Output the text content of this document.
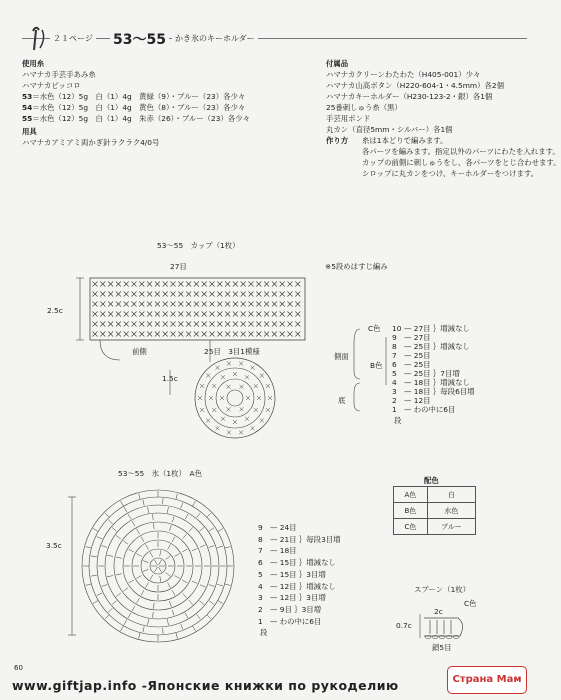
２１ページ 53〜55	かき氷のキーホルダー
使用糸
ハマナカ手芸手あみ糸
ハマナカピッコロ
53＝水色（12）5g　白（1）4g　黄緑（9）・ブルー（23）各少々
54＝水色（12）5g　白（1）4g　黄色（8）・ブルー（23）各少々
55＝水色（12）5g　白（1）4g　朱赤（26）・ブルー（23）各少々
用具
ハマナカアミアミ両かぎ針ラクラク4/0号
付属品
ハマナカクリーンわたわた（H405-001）少々
ハマナカ山高ボタン（H220-604-1・4.5mm）各2個
ハマナカキーホルダー（H230-123-2・銀）各1個
25番刺しゅう糸（黒）
手芸用ボンド
丸カン（直径5mm・シルバー）各1個
作り方	糸は1本どりで編みます。
各パーツを編みます。指定以外のパーツにわたを入れます。
カップの前側に刺しゅうをし、各パーツをとじ合わせます。
シロップに丸カンをつけ、キーホルダーをつけます。
53〜55　カップ（1枚）
※5段めはすじ編み
27目
2.5c
前側	25目　 3目1模様
1.5c
C色
側面
B色
底
10 — 27目 ｝増減なし
9 — 27目
8 — 25目 ｝増減なし
7 — 25目
6 — 25目
5 — 25目 ｝7目増
4 — 18目 ｝増減なし
3 — 18目 ｝毎段6目増
2 — 12目
1 — わの中に6目
段
53〜55　氷（1枚）　A色
3.5c
9 — 24目
8 — 21目 ｝毎段3目増
7 — 18目
6 — 15目 ｝増減なし
5 — 15目 ｝3目増
4 — 12目 ｝増減なし
3 — 12目 ｝3目増
2 — 9目 ｝3目増
1 — わの中に6目
段
配色
A色	白
B色	水色
C色	ブルー
スプーン（1枚）
C色
2c
0.7c
鎖5目
60
www.giftjap.info -Японские книжки по рукоделию	Страна Мам
